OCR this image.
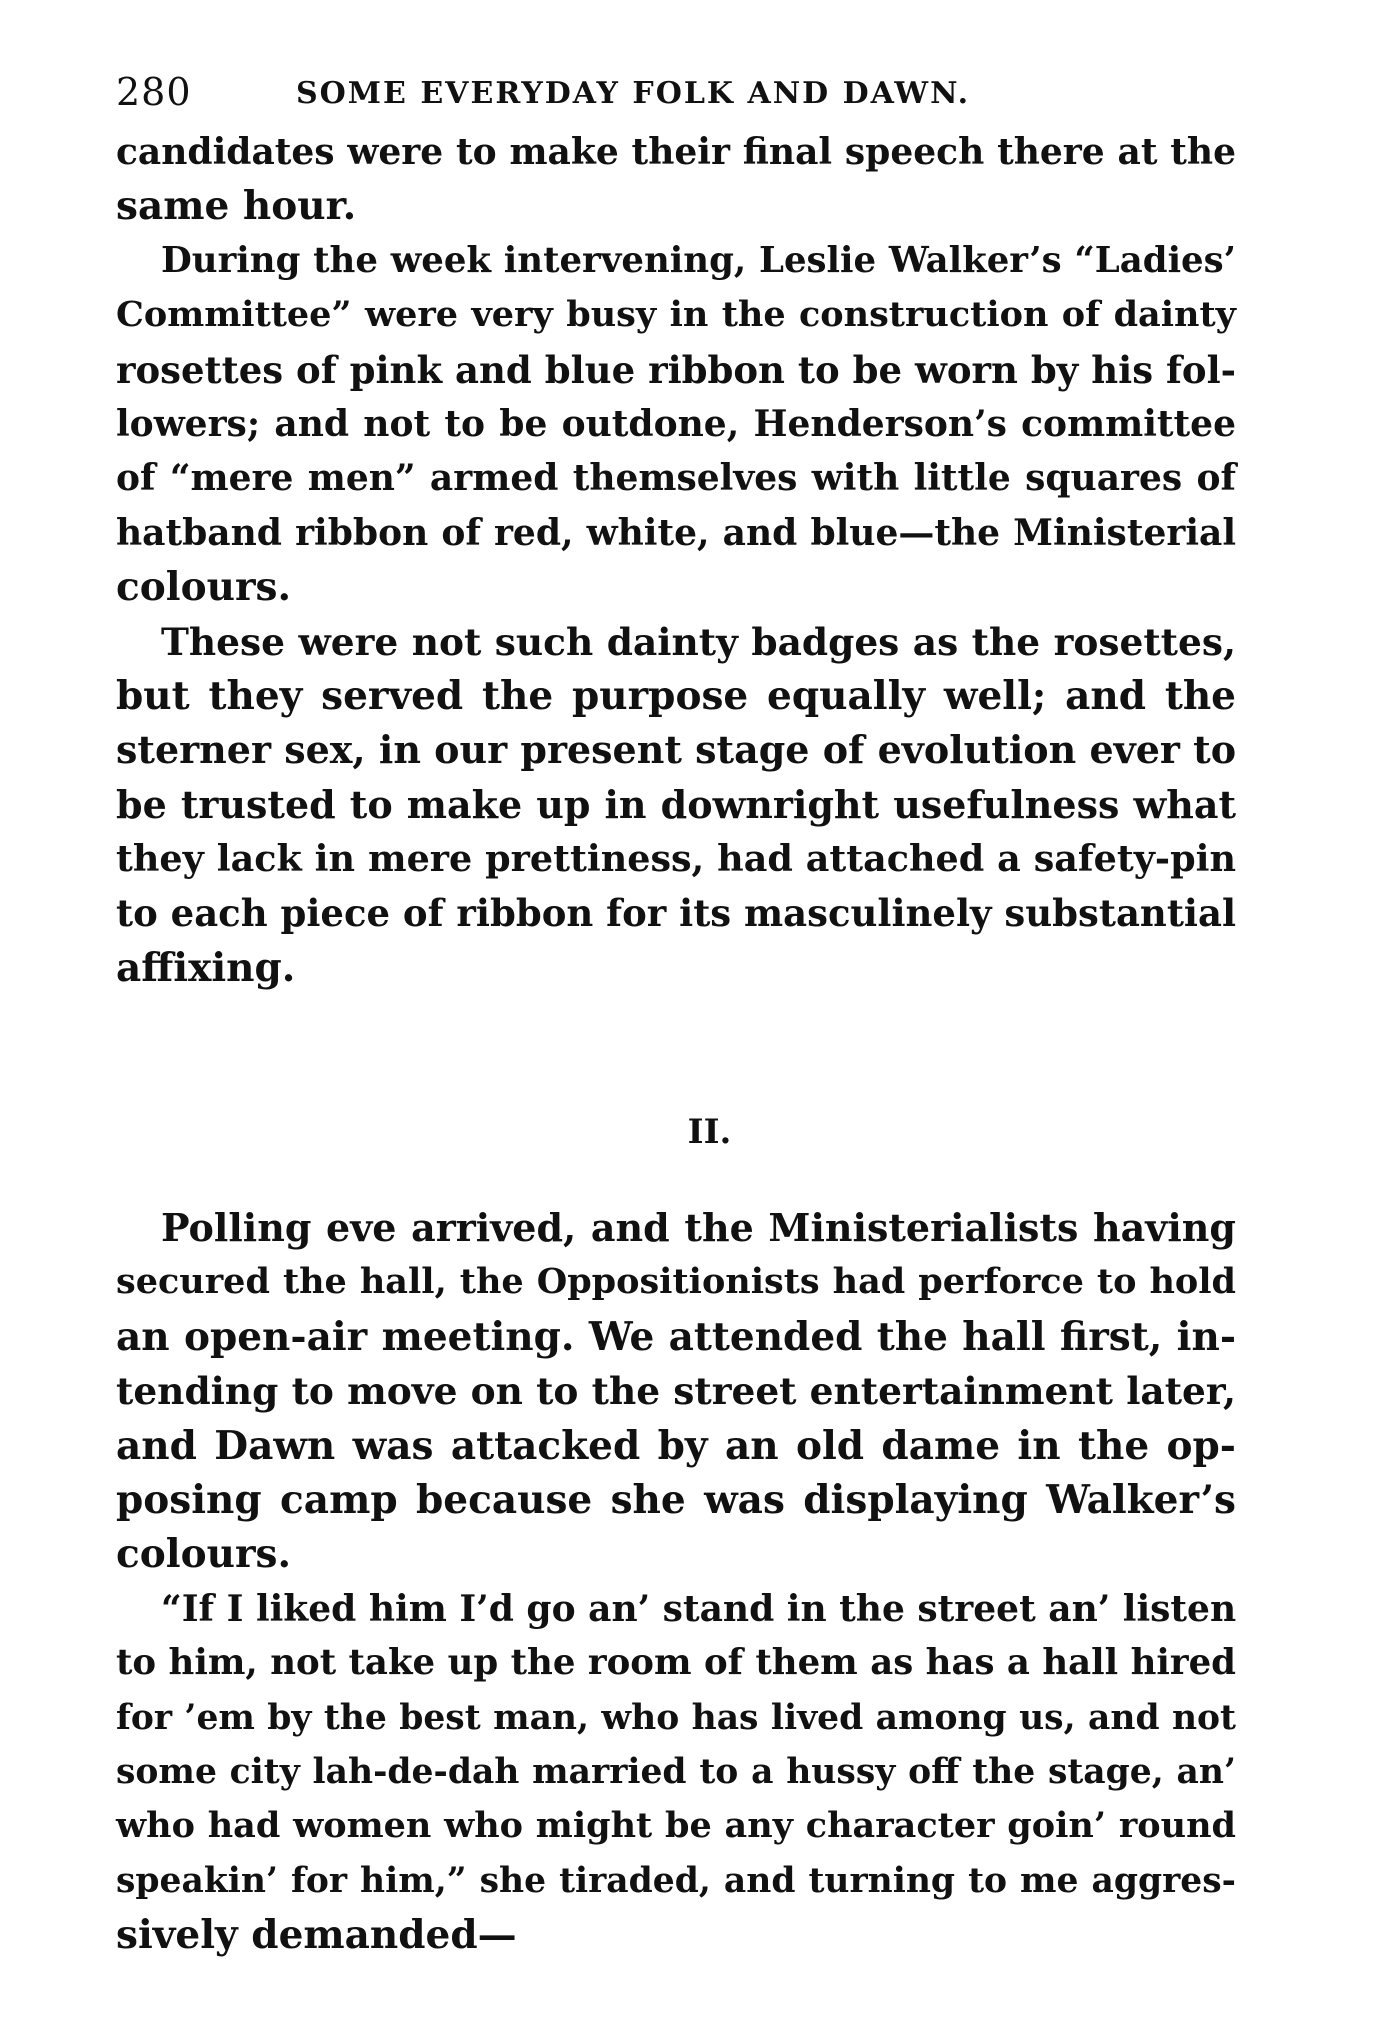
280	SOME EVERYDAY FOLK AND DAWN.
candidates were to make their final speech there at the
same hour.
During the week intervening, Leslie Walker’s “Ladies’
Committee” were very busy in the construction of dainty
rosettes of pink and blue ribbon to be worn by his fol-
lowers; and not to be outdone, Henderson’s committee
of “mere men” armed themselves with little squares of
hatband ribbon of red, white, and blue—the Ministerial
colours.
These were not such dainty badges as the rosettes,
but they served the purpose equally well; and the
sterner sex, in our present stage of evolution ever to
be trusted to make up in downright usefulness what
they lack in mere prettiness, had attached a safety-pin
to each piece of ribbon for its masculinely substantial
affixing.
II.
Polling eve arrived, and the Ministerialists having
secured the hall, the Oppositionists had perforce to hold
an open-air meeting. We attended the hall first, in-
tending to move on to the street entertainment later,
and Dawn was attacked by an old dame in the op-
posing camp because she was displaying Walker’s
colours.
“If I liked him I’d go an’ stand in the street an’ listen
to him, not take up the room of them as has a hall hired
for ’em by the best man, who has lived among us, and not
some city lah-de-dah married to a hussy off the stage, an’
who had women who might be any character goin’ round
speakin’ for him,” she tiraded, and turning to me aggres-
sively demanded—
